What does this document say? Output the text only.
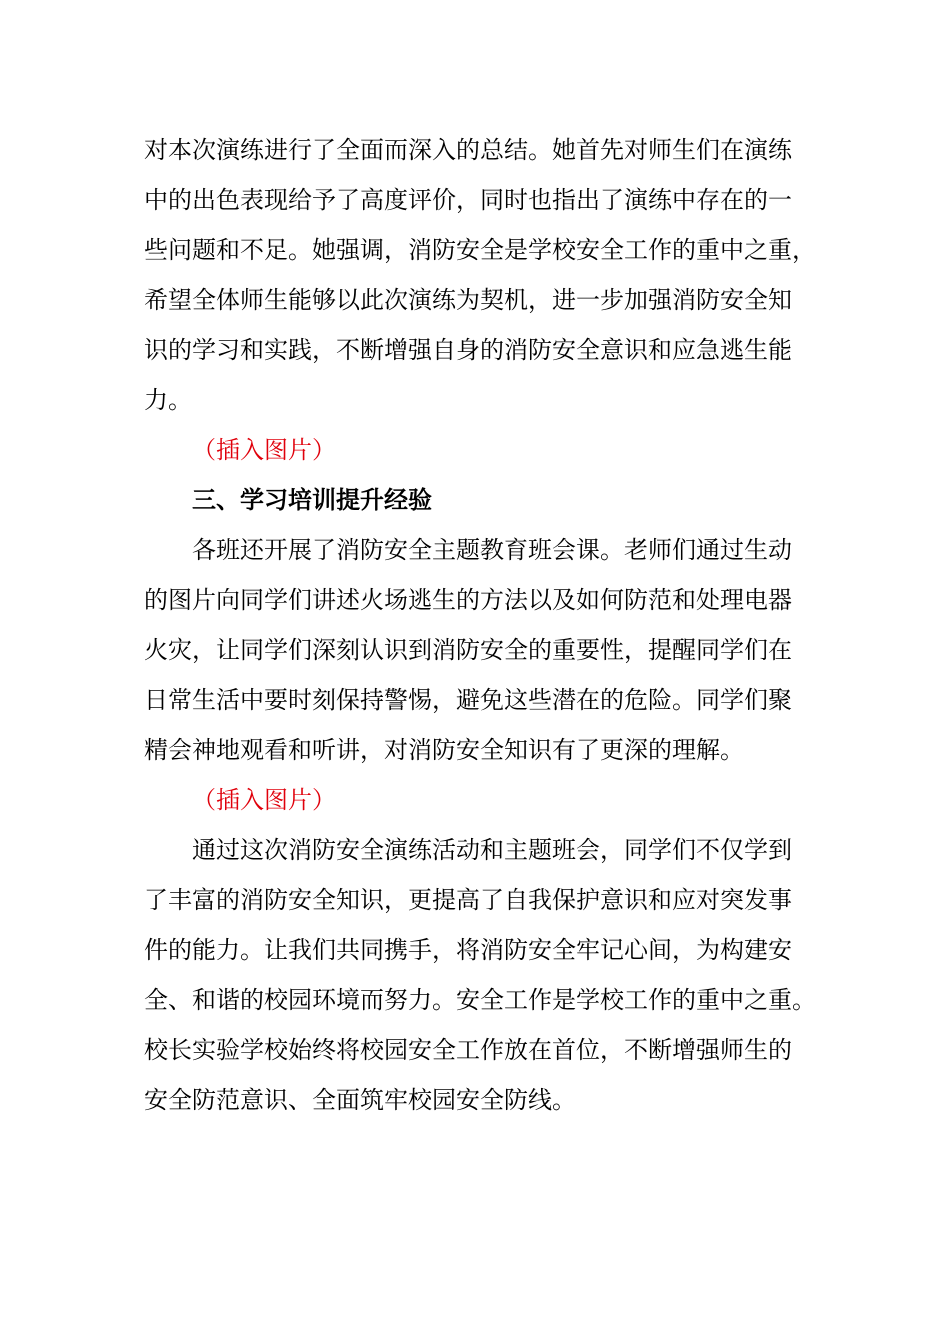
对本次演练进行了全面而深入的总结。她首先对师生们在演练
中的出色表现给予了高度评价，同时也指出了演练中存在的一
些问题和不足。她强调，消防安全是学校安全工作的重中之重，
希望全体师生能够以此次演练为契机，进一步加强消防安全知
识的学习和实践，不断增强自身的消防安全意识和应急逃生能
力。
（插入图片）
三、学习培训提升经验
各班还开展了消防安全主题教育班会课。老师们通过生动
的图片向同学们讲述火场逃生的方法以及如何防范和处理电器
火灾，让同学们深刻认识到消防安全的重要性，提醒同学们在
日常生活中要时刻保持警惕，避免这些潜在的危险。同学们聚
精会神地观看和听讲，对消防安全知识有了更深的理解。
（插入图片）
通过这次消防安全演练活动和主题班会，同学们不仅学到
了丰富的消防安全知识，更提高了自我保护意识和应对突发事
件的能力。让我们共同携手，将消防安全牢记心间，为构建安
全、和谐的校园环境而努力。安全工作是学校工作的重中之重。
校长实验学校始终将校园安全工作放在首位，不断增强师生的
安全防范意识、全面筑牢校园安全防线。
